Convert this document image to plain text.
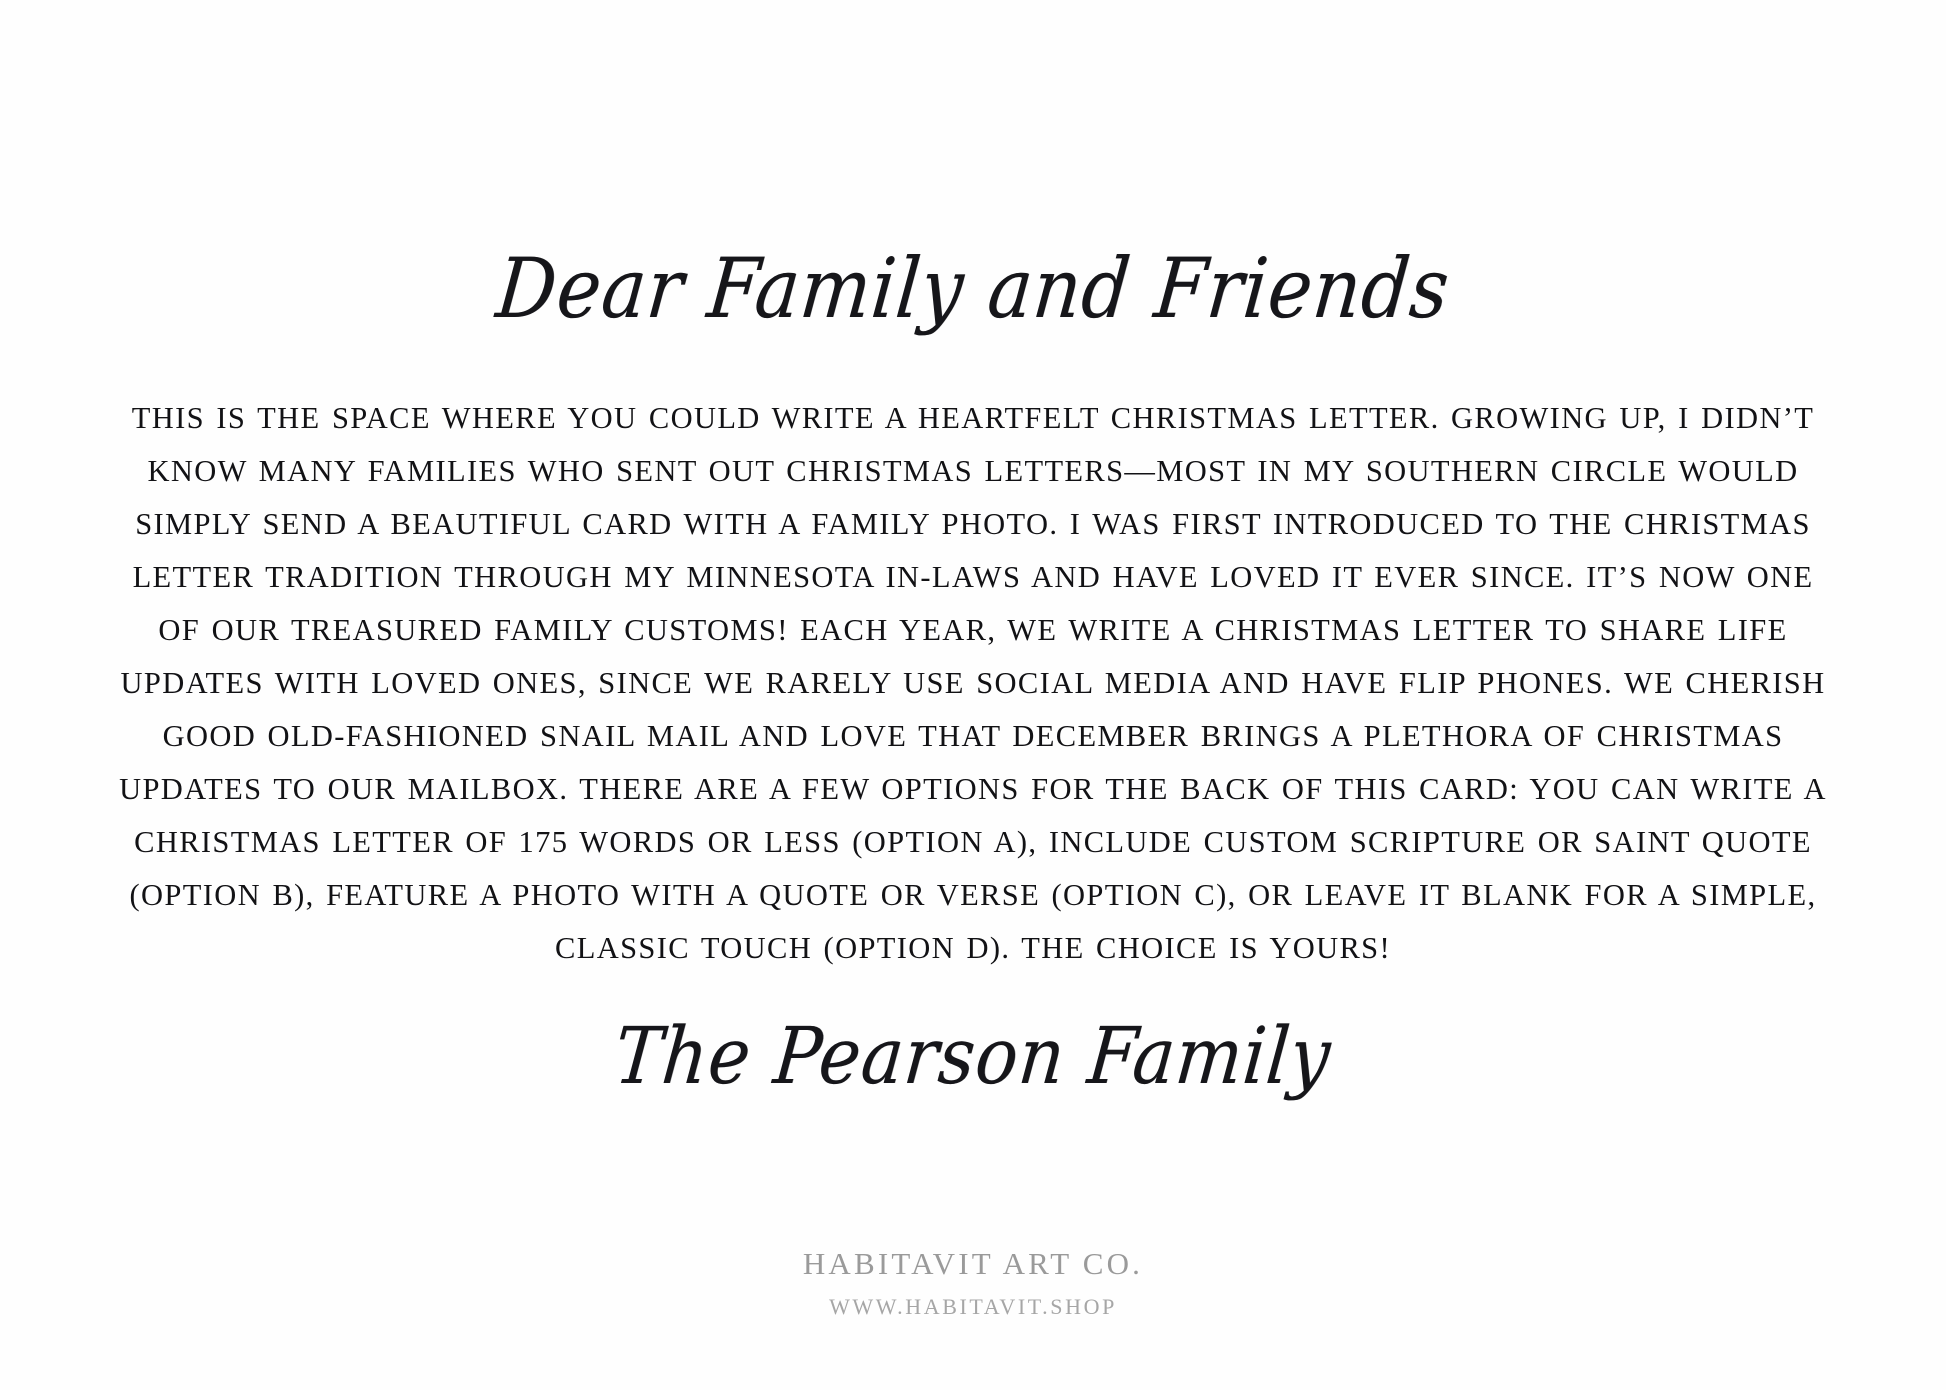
Dear Family and Friends
THIS IS THE SPACE WHERE YOU COULD WRITE A HEARTFELT CHRISTMAS LETTER. GROWING UP, I DIDN’T KNOW MANY FAMILIES WHO SENT OUT CHRISTMAS LETTERS—MOST IN MY SOUTHERN CIRCLE WOULD SIMPLY SEND A BEAUTIFUL CARD WITH A FAMILY PHOTO. I WAS FIRST INTRODUCED TO THE CHRISTMAS LETTER TRADITION THROUGH MY MINNESOTA IN-LAWS AND HAVE LOVED IT EVER SINCE. IT’S NOW ONE OF OUR TREASURED FAMILY CUSTOMS! EACH YEAR, WE WRITE A CHRISTMAS LETTER TO SHARE LIFE UPDATES WITH LOVED ONES, SINCE WE RARELY USE SOCIAL MEDIA AND HAVE FLIP PHONES. WE CHERISH GOOD OLD-FASHIONED SNAIL MAIL AND LOVE THAT DECEMBER BRINGS A PLETHORA OF CHRISTMAS UPDATES TO OUR MAILBOX. THERE ARE A FEW OPTIONS FOR THE BACK OF THIS CARD: YOU CAN WRITE A CHRISTMAS LETTER OF 175 WORDS OR LESS (OPTION A), INCLUDE CUSTOM SCRIPTURE OR SAINT QUOTE (OPTION B), FEATURE A PHOTO WITH A QUOTE OR VERSE (OPTION C), OR LEAVE IT BLANK FOR A SIMPLE, CLASSIC TOUCH (OPTION D). THE CHOICE IS YOURS!
The Pearson Family
HABITAVIT ART CO.
WWW.HABITAVIT.SHOP
